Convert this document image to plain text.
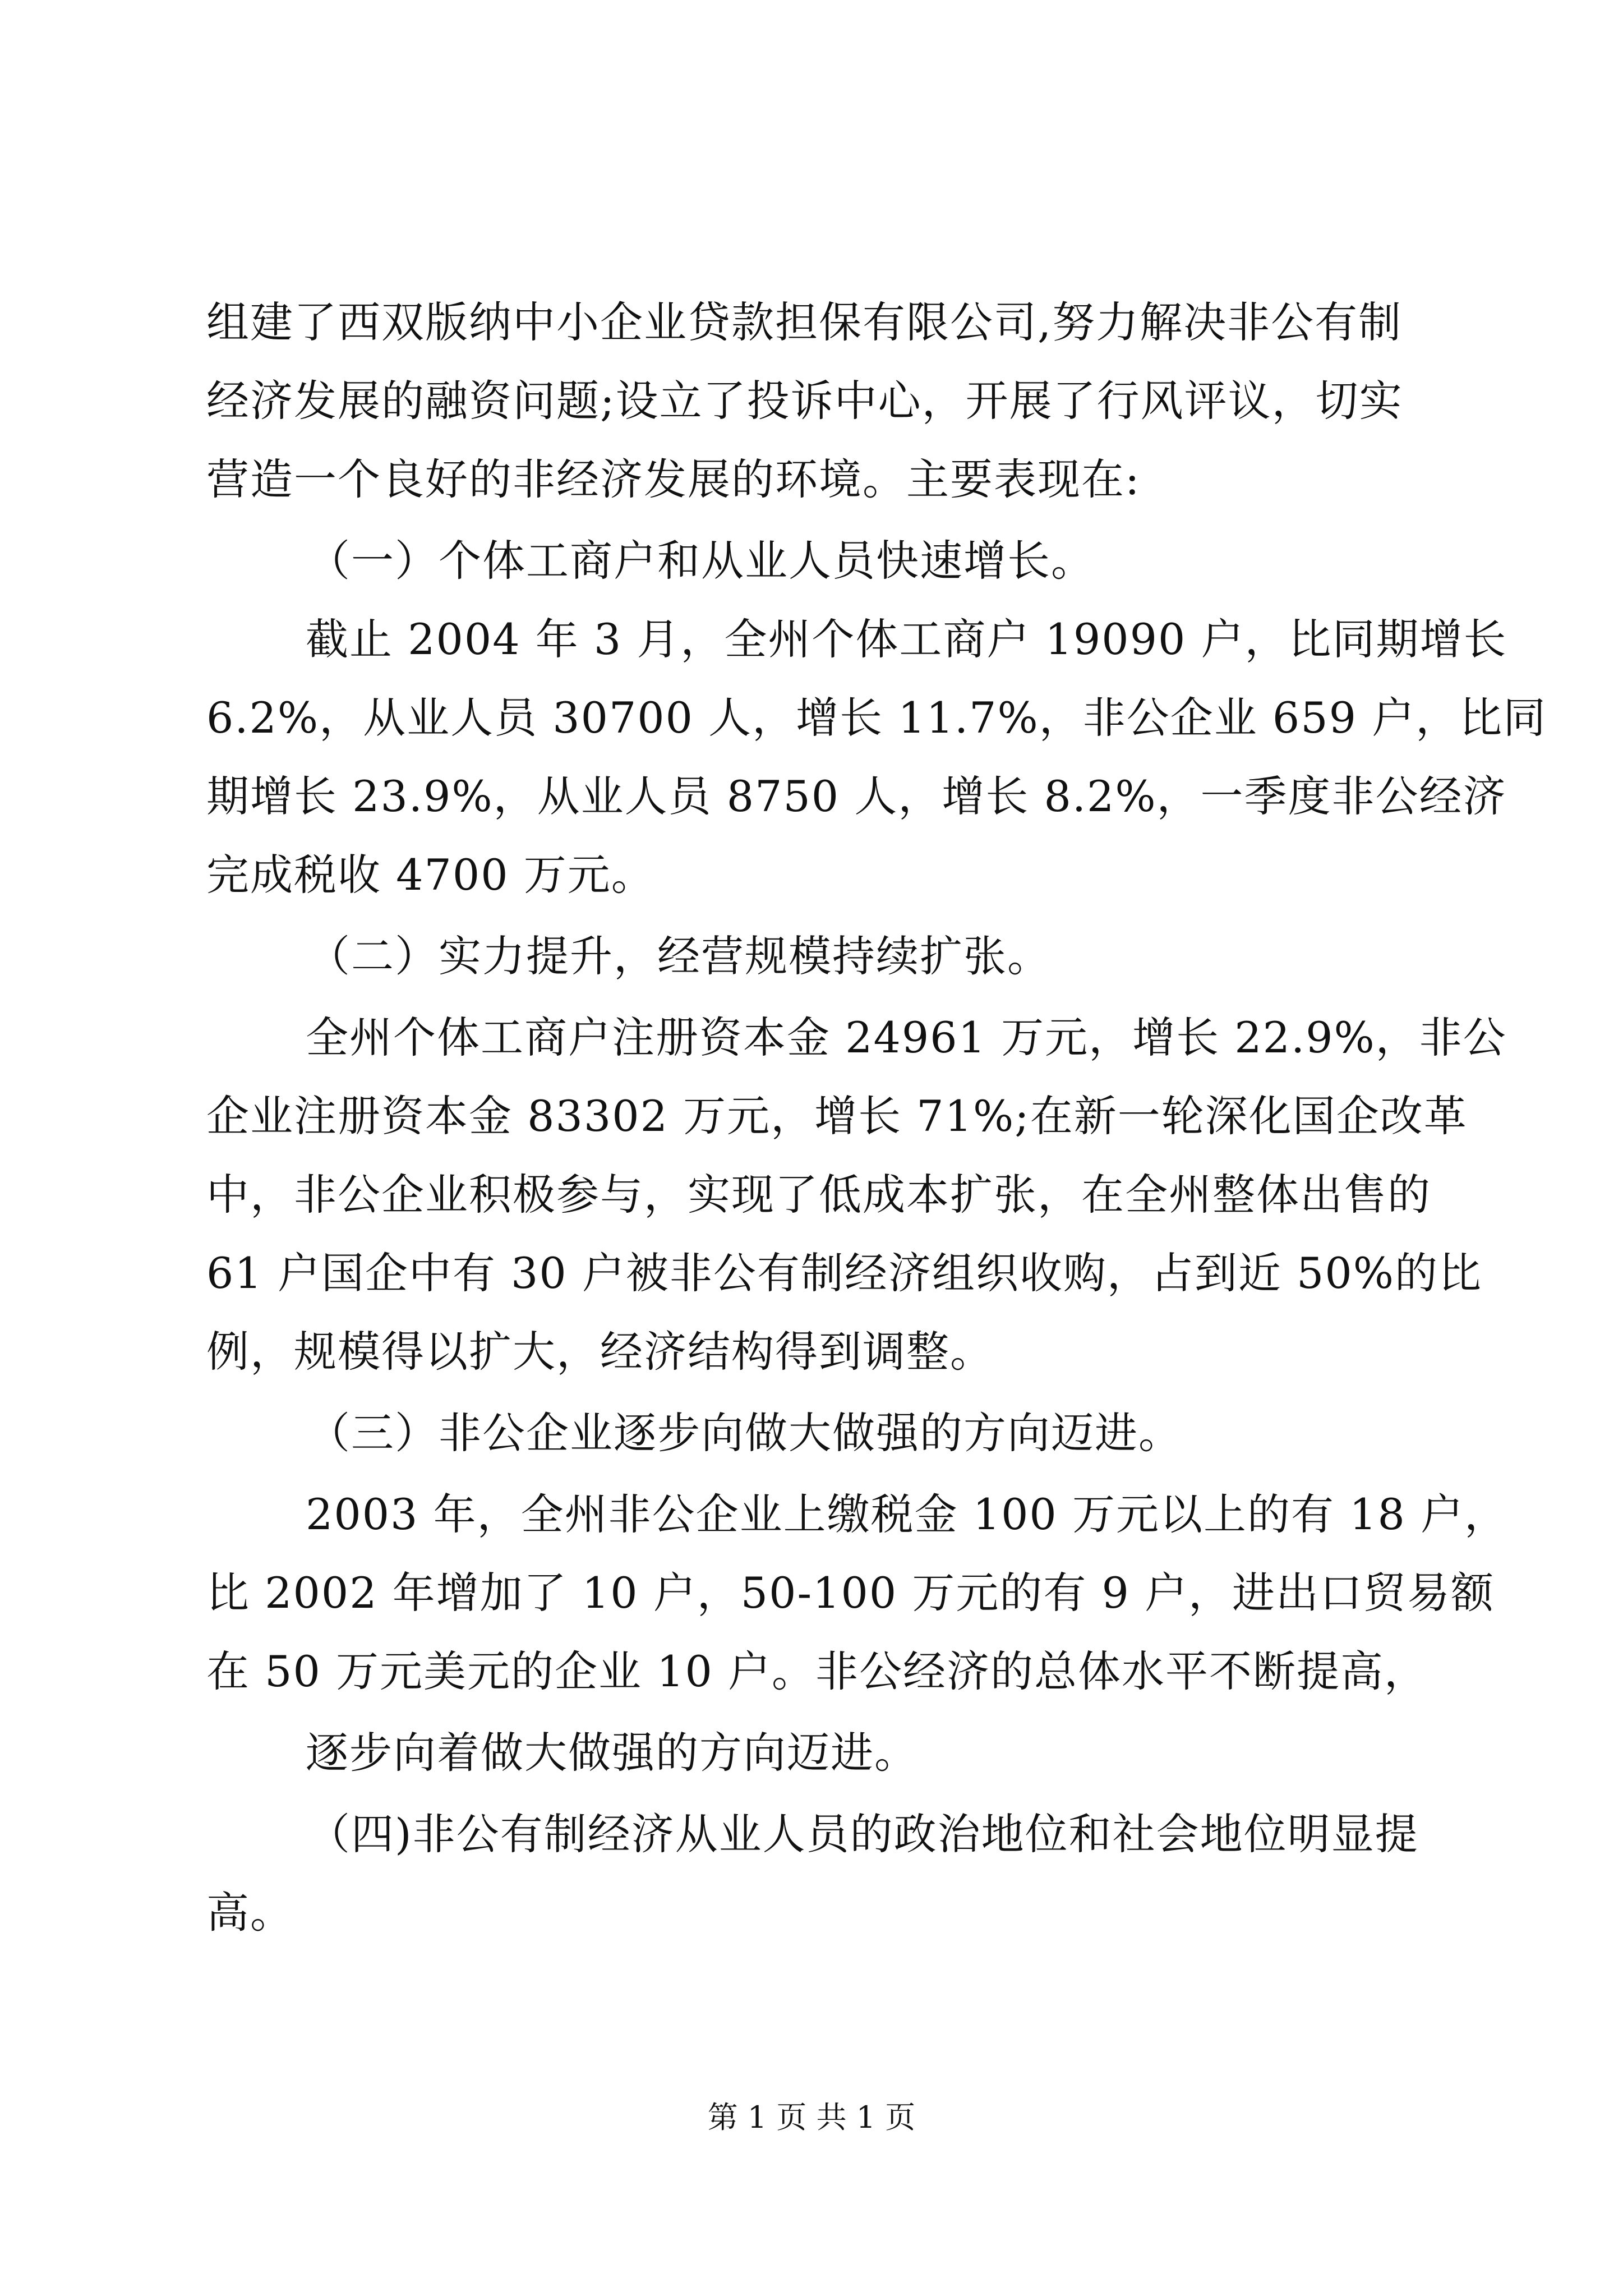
组建了西双版纳中小企业贷款担保有限公司,努力解决非公有制
经济发展的融资问题;设立了投诉中心，开展了行风评议，切实
营造一个良好的非经济发展的环境。主要表现在:
（一）个体工商户和从业人员快速增长。
截止 2004 年 3 月，全州个体工商户 19090 户，比同期增长
6.2%，从业人员 30700 人，增长 11.7%，非公企业 659 户，比同
期增长 23.9%，从业人员 8750 人，增长 8.2%，一季度非公经济
完成税收 4700 万元。
（二）实力提升，经营规模持续扩张。
全州个体工商户注册资本金 24961 万元，增长 22.9%，非公
企业注册资本金 83302 万元，增长 71%;在新一轮深化国企改革
中，非公企业积极参与，实现了低成本扩张，在全州整体出售的
61 户国企中有 30 户被非公有制经济组织收购，占到近 50%的比
例，规模得以扩大，经济结构得到调整。
（三）非公企业逐步向做大做强的方向迈进。
2003 年，全州非公企业上缴税金 100 万元以上的有 18 户，
比 2002 年增加了 10 户，50-100 万元的有 9 户，进出口贸易额
在 50 万元美元的企业 10 户。非公经济的总体水平不断提高，
逐步向着做大做强的方向迈进。
（四)非公有制经济从业人员的政治地位和社会地位明显提
高。
第 1 页 共 1 页
